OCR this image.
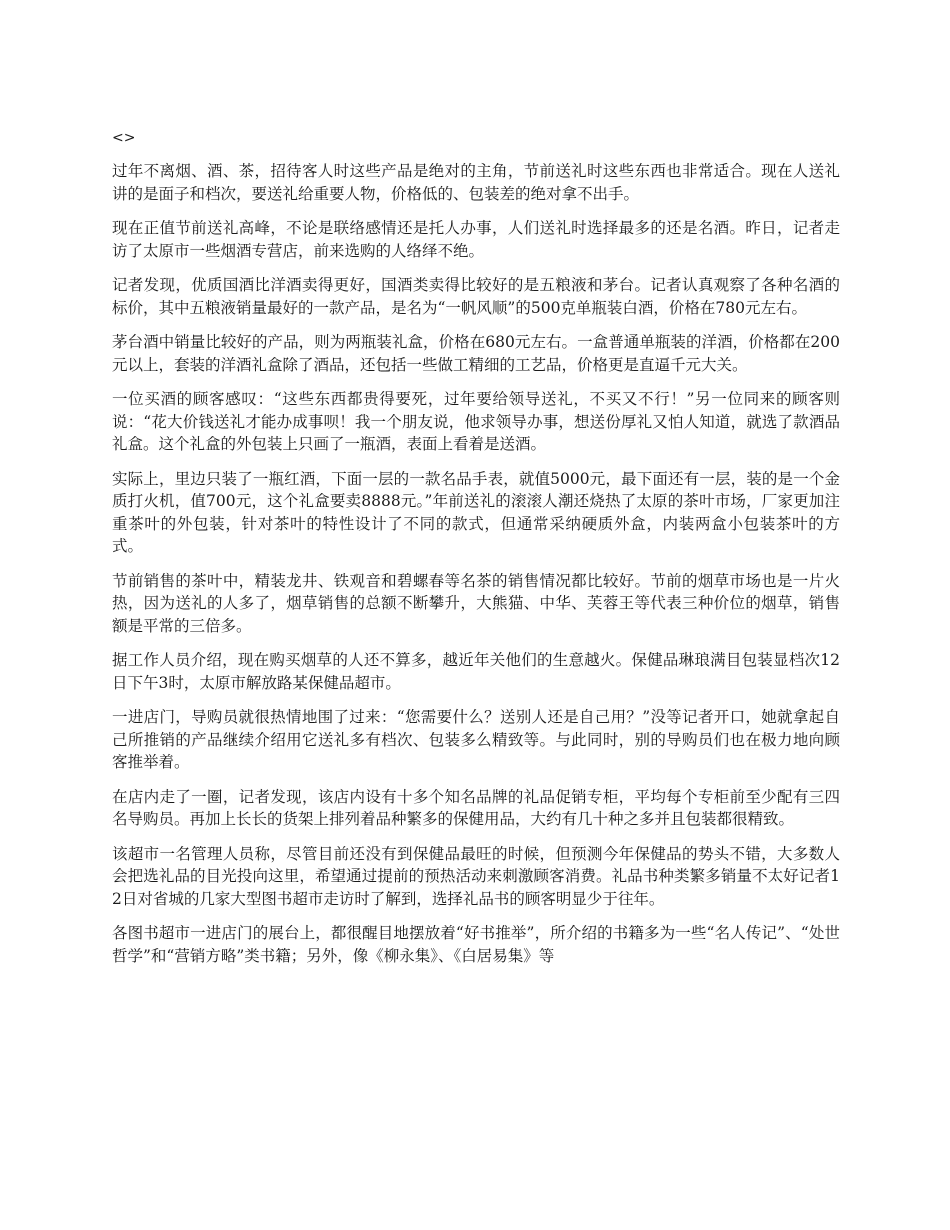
<>

过年不离烟、酒、茶，招待客人时这些产品是绝对的主角，节前送礼时这些东西也非常适合。现在人送礼讲的是面子和档次，要送礼给重要人物，价格低的、包装差的绝对拿不出手。

现在正值节前送礼高峰，不论是联络感情还是托人办事，人们送礼时选择最多的还是名酒。昨日，记者走访了太原市一些烟酒专营店，前来选购的人络绎不绝。

记者发现，优质国酒比洋酒卖得更好，国酒类卖得比较好的是五粮液和茅台。记者认真观察了各种名酒的标价，其中五粮液销量最好的一款产品，是名为“一帆风顺”的500克单瓶装白酒，价格在780元左右。

茅台酒中销量比较好的产品，则为两瓶装礼盒，价格在680元左右。一盒普通单瓶装的洋酒，价格都在200元以上，套装的洋酒礼盒除了酒品，还包括一些做工精细的工艺品，价格更是直逼千元大关。

一位买酒的顾客感叹：“这些东西都贵得要死，过年要给领导送礼，不买又不行！”另一位同来的顾客则说：“花大价钱送礼才能办成事呗！我一个朋友说，他求领导办事，想送份厚礼又怕人知道，就选了款酒品礼盒。这个礼盒的外包装上只画了一瓶酒，表面上看着是送酒。

实际上，里边只装了一瓶红酒，下面一层的一款名品手表，就值5000元，最下面还有一层，装的是一个金质打火机，值700元，这个礼盒要卖8888元。”年前送礼的滚滚人潮还烧热了太原的茶叶市场，厂家更加注重茶叶的外包装，针对茶叶的特性设计了不同的款式，但通常采纳硬质外盒，内装两盒小包装茶叶的方式。

节前销售的茶叶中，精装龙井、铁观音和碧螺春等名茶的销售情况都比较好。节前的烟草市场也是一片火热，因为送礼的人多了，烟草销售的总额不断攀升，大熊猫、中华、芙蓉王等代表三种价位的烟草，销售额是平常的三倍多。

据工作人员介绍，现在购买烟草的人还不算多，越近年关他们的生意越火。保健品琳琅满目包装显档次12日下午3时，太原市解放路某保健品超市。

一进店门，导购员就很热情地围了过来：“您需要什么？送别人还是自己用？”没等记者开口，她就拿起自己所推销的产品继续介绍用它送礼多有档次、包装多么精致等。与此同时，别的导购员们也在极力地向顾客推举着。

在店内走了一圈，记者发现，该店内设有十多个知名品牌的礼品促销专柜，平均每个专柜前至少配有三四名导购员。再加上长长的货架上排列着品种繁多的保健用品，大约有几十种之多并且包装都很精致。

该超市一名管理人员称，尽管目前还没有到保健品最旺的时候，但预测今年保健品的势头不错，大多数人会把选礼品的目光投向这里，希望通过提前的预热活动来刺激顾客消费。礼品书种类繁多销量不太好记者12日对省城的几家大型图书超市走访时了解到，选择礼品书的顾客明显少于往年。

各图书超市一进店门的展台上，都很醒目地摆放着“好书推举”，所介绍的书籍多为一些“名人传记”、“处世哲学”和“营销方略”类书籍；另外，像《柳永集》、《白居易集》等
